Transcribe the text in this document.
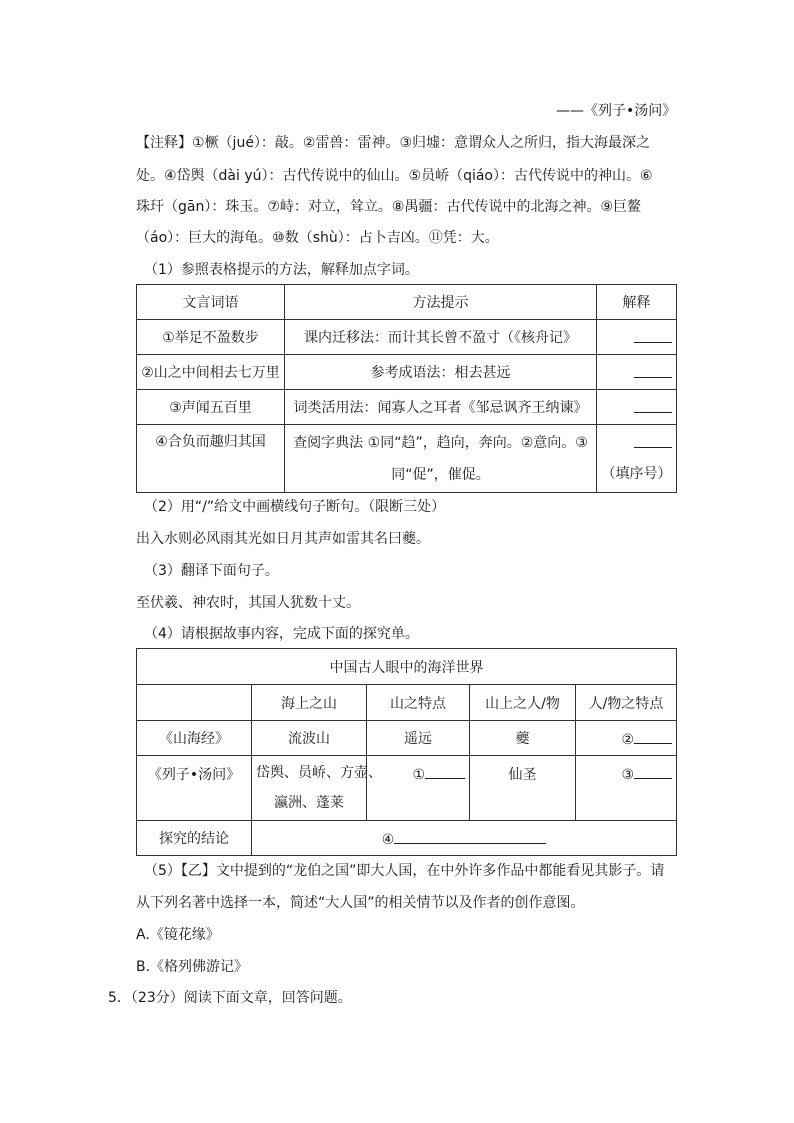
——《列子•汤问》
【注释】①橛（jué）：敲。②雷兽：雷神。③归墟：意谓众人之所归，指大海最深之
处。④岱舆（dài yú）：古代传说中的仙山。⑤员峤（qiáo）：古代传说中的神山。⑥
珠玕（gān）：珠玉。⑦峙：对立，耸立。⑧禺疆：古代传说中的北海之神。⑨巨鳌
（áo）：巨大的海龟。⑩数（shù）：占卜吉凶。⑪凭：大。
（1）参照表格提示的方法，解释加点字词。
文言词语	方法提示	解释
①举足不盈数步	课内迁移法：而计其长曾不盈寸（《核舟记》	
②山之中间相去七万里	参考成语法：相去甚远	
③声闻五百里	词类活用法：闻寡人之耳者《邹忌讽齐王纳谏》	
④合负而趣归其国	查阅字典法 ①同“趋”，趋向，奔向。②意向。③
同“促”，催促。	（填序号）
（2）用“/”给文中画横线句子断句。（限断三处）
出入水则必风雨其光如日月其声如雷其名曰夔。
（3）翻译下面句子。
至伏羲、神农时，其国人犹数十丈。
（4）请根据故事内容，完成下面的探究单。
中国古人眼中的海洋世界				
	海上之山	山之特点	山上之人/物	人/物之特点
《山海经》	流波山	遥远	夔	②
《列子•汤问》	岱舆、员峤、方壶、
瀛洲、蓬莱	①	仙圣	③
探究的结论	④			
（5）【乙】文中提到的“龙伯之国”即大人国，在中外许多作品中都能看见其影子。请
从下列名著中选择一本，简述“大人国”的相关情节以及作者的创作意图。
A.《镜花缘》
B.《格列佛游记》
5．（23分）阅读下面文章，回答问题。
